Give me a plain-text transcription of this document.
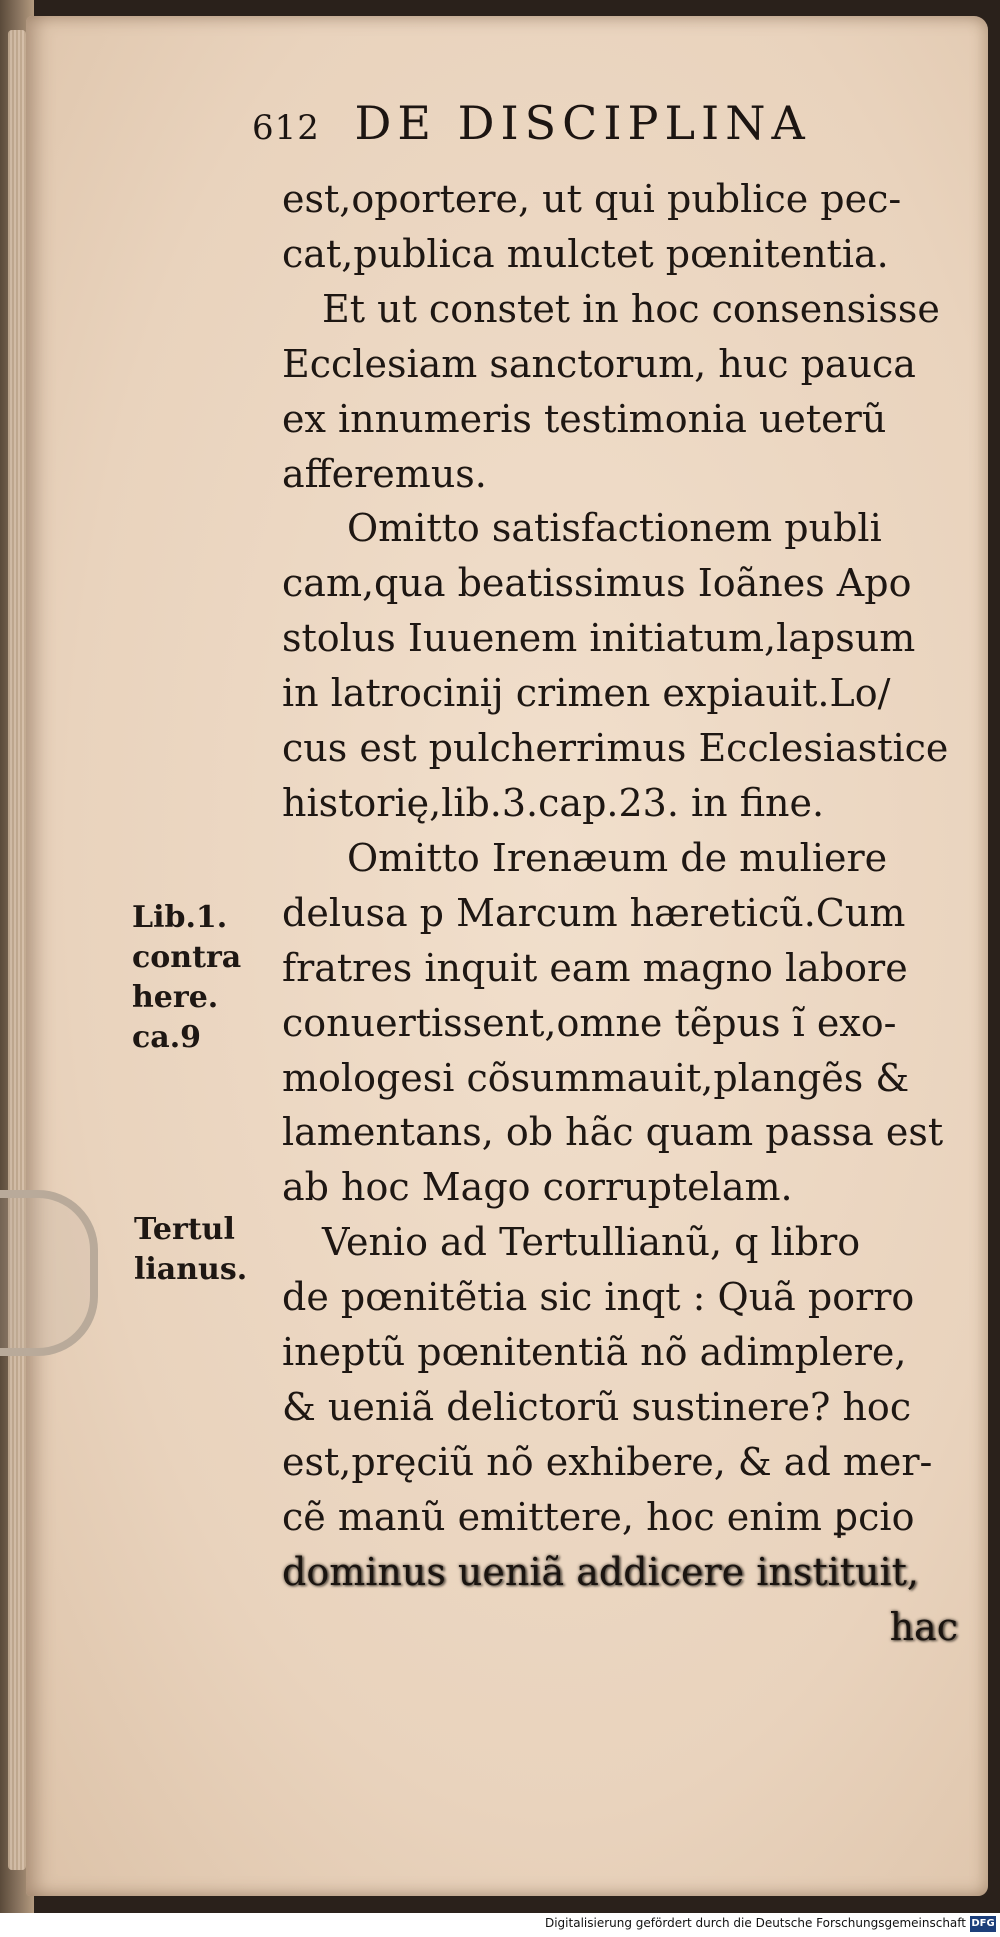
612 DE DISCIPLINA
est,oportere, ut qui publice pec-
cat,publica mulctet pœnitentia.
Et ut constet in hoc consensisse
Ecclesiam sanctorum, huc pauca
ex innumeris testimonia ueterũ
afferemus.
Omitto satisfactionem publi
cam,qua beatissimus Ioãnes Apo
stolus Iuuenem initiatum,lapsum
in latrocinij crimen expiauit.Lo/
cus est pulcherrimus Ecclesiastice
historię,lib.3.cap.23. in fine.
Omitto Irenæum de muliere
delusa p Marcum hæreticũ.Cum
fratres inquit eam magno labore
conuertissent,omne tẽpus ĩ exo-
mologesi cõsummauit,plangẽs &
lamentans, ob hãc quam passa est
ab hoc Mago corruptelam.
Venio ad Tertullianũ, q libro
de pœnitẽtia sic inqt : Quã porro
ineptũ pœnitentiã nõ adimplere,
& ueniã delictorũ sustinere? hoc
est,pręciũ nõ exhibere, & ad mer-
cẽ manũ emittere, hoc enim ꝑcio
dominus ueniã addicere instituit,
hac
Lib.1.
contra
here.
ca.9
Tertul
lianus.
Digitalisierung gefördert durch die Deutsche Forschungsgemeinschaft DFG
